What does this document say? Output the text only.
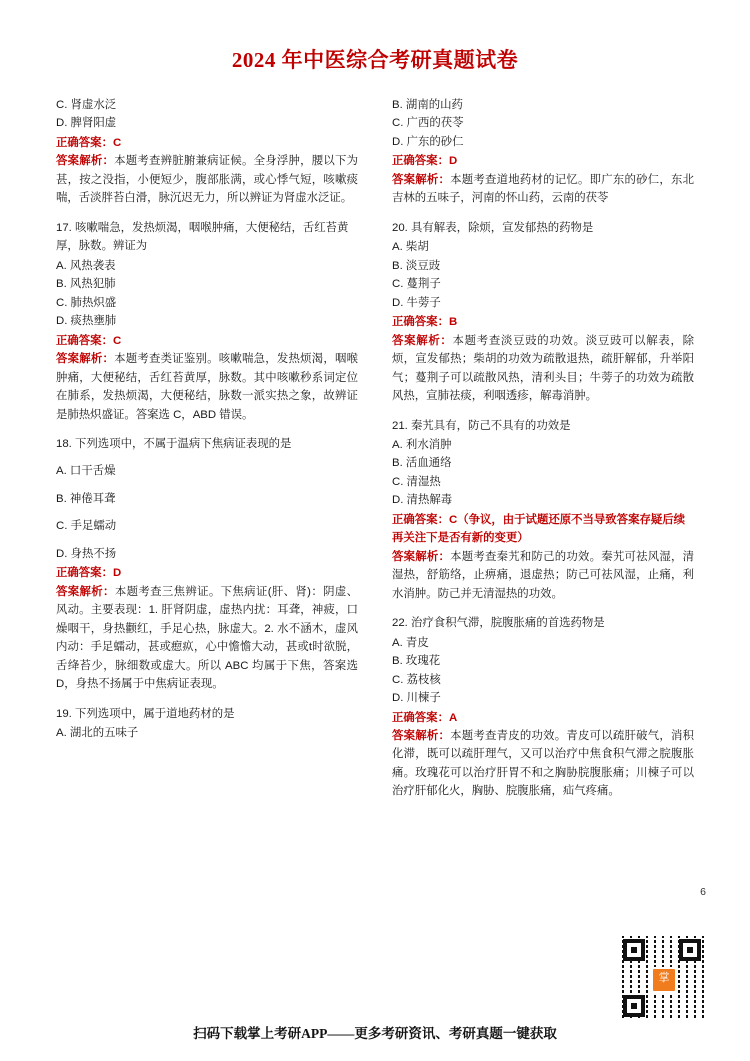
2024 年中医综合考研真题试卷

C. 肾虚水泛

D. 脾肾阳虚

正确答案：C

答案解析：本题考查辨脏腑兼病证候。全身浮肿，腰以下为甚，按之没指，小便短少，腹部胀满，或心悸气短，咳嗽痰喘，舌淡胖苔白滑，脉沉迟无力，所以辨证为肾虚水泛证。

17. 咳嗽喘急，发热烦渴，咽喉肿痛，大便秘结，舌红苔黄厚，脉数。辨证为

A. 风热袭表

B. 风热犯肺

C. 肺热炽盛

D. 痰热壅肺

正确答案：C

答案解析：本题考查类证鉴别。咳嗽喘急，发热烦渴，咽喉肿痛，大便秘结，舌红苔黄厚，脉数。其中咳嗽秒系词定位在肺系，发热烦渴，大便秘结，脉数一派实热之象，故辨证是肺热炽盛证。答案选 C，ABD 错误。

18. 下列选项中，不属于温病下焦病证表现的是

A. 口干舌燥

B. 神倦耳聋

C. 手足蠕动

D. 身热不扬

正确答案：D

答案解析：本题考查三焦辨证。下焦病证(肝、肾)：阴虚、风动。主要表现：1. 肝肾阴虚，虚热内扰：耳聋，神疲，口燥咽干，身热颧红，手足心热，脉虚大。2. 水不涵木，虚风内动：手足蠕动，甚或瘛疭，心中憺憺大动，甚或t时欲脱，舌绛苔少，脉细数或虚大。所以 ABC 均属于下焦，答案选 D，身热不扬属于中焦病证表现。

19. 下列选项中，属于道地药材的是

A. 湖北的五味子

B. 湖南的山药

C. 广西的茯苓

D. 广东的砂仁

正确答案：D

答案解析：本题考查道地药材的记忆。即广东的砂仁，东北吉林的五味子，河南的怀山药，云南的茯苓

20. 具有解表，除烦，宣发郁热的药物是

A. 柴胡

B. 淡豆豉

C. 蔓荆子

D. 牛蒡子

正确答案：B

答案解析：本题考查淡豆豉的功效。淡豆豉可以解表，除烦，宣发郁热；柴胡的功效为疏散退热，疏肝解郁，升举阳气；蔓荆子可以疏散风热，清利头目；牛蒡子的功效为疏散风热，宣肺祛痰，利咽透疹，解毒消肿。

21. 秦艽具有，防己不具有的功效是

A. 利水消肿

B. 活血通络

C. 清湿热

D. 清热解毒

正确答案：C（争议，由于试题还原不当导致答案存疑后续再关注下是否有新的变更）

答案解析：本题考查秦艽和防己的功效。秦艽可祛风湿，清湿热，舒筋络，止痹痛，退虚热；防己可祛风湿，止痛，利水消肿。防己并无清湿热的功效。

22. 治疗食积气滞，脘腹胀痛的首选药物是

A. 青皮

B. 玫瑰花

C. 荔枝核

D. 川楝子

正确答案：A

答案解析：本题考查青皮的功效。青皮可以疏肝破气，消积化滞，既可以疏肝理气，又可以治疗中焦食积气滞之脘腹胀痛。玫瑰花可以治疗肝胃不和之胸胁脘腹胀痛；川楝子可以治疗肝郁化火，胸胁、脘腹胀痛，疝气疼痛。

6
掌
扫码下载掌上考研APP——更多考研资讯、考研真题一键获取
